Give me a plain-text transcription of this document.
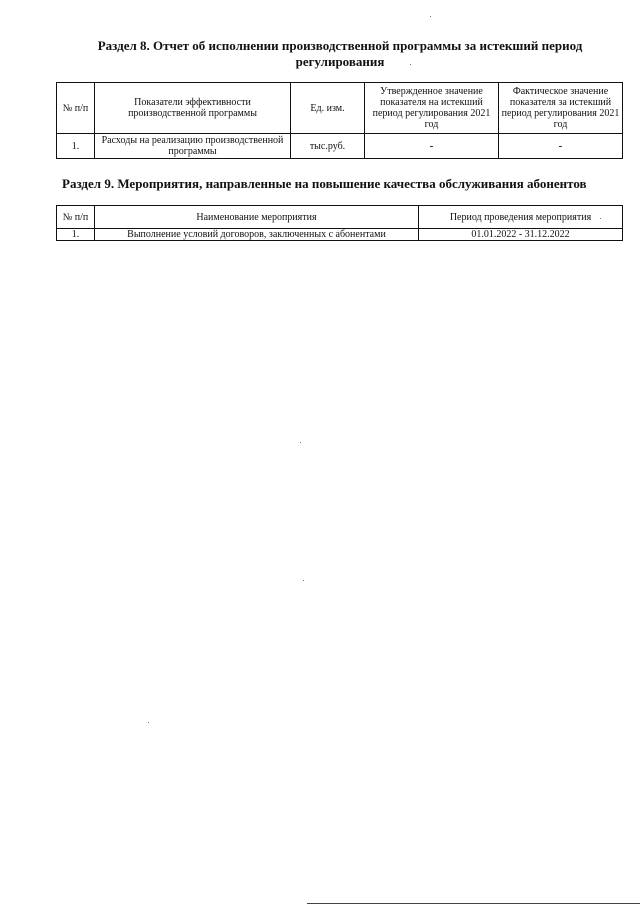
Раздел 8. Отчет об исполнении производственной программы за истекший период регулирования
№ п/п	Показатели эффективности производственной программы	Ед. изм.	Утвержденное значение показателя на истекший период регулирования 2021 год	Фактическое значение показателя за истекший период регулирования 2021 год
1.	Расходы на реализацию производственной программы	тыс.руб.	-	-
Раздел 9. Мероприятия, направленные на повышение качества обслуживания абонентов
№ п/п	Наименование мероприятия	Период проведения мероприятия
1.	Выполнение условий договоров, заключенных с абонентами	01.01.2022 - 31.12.2022
